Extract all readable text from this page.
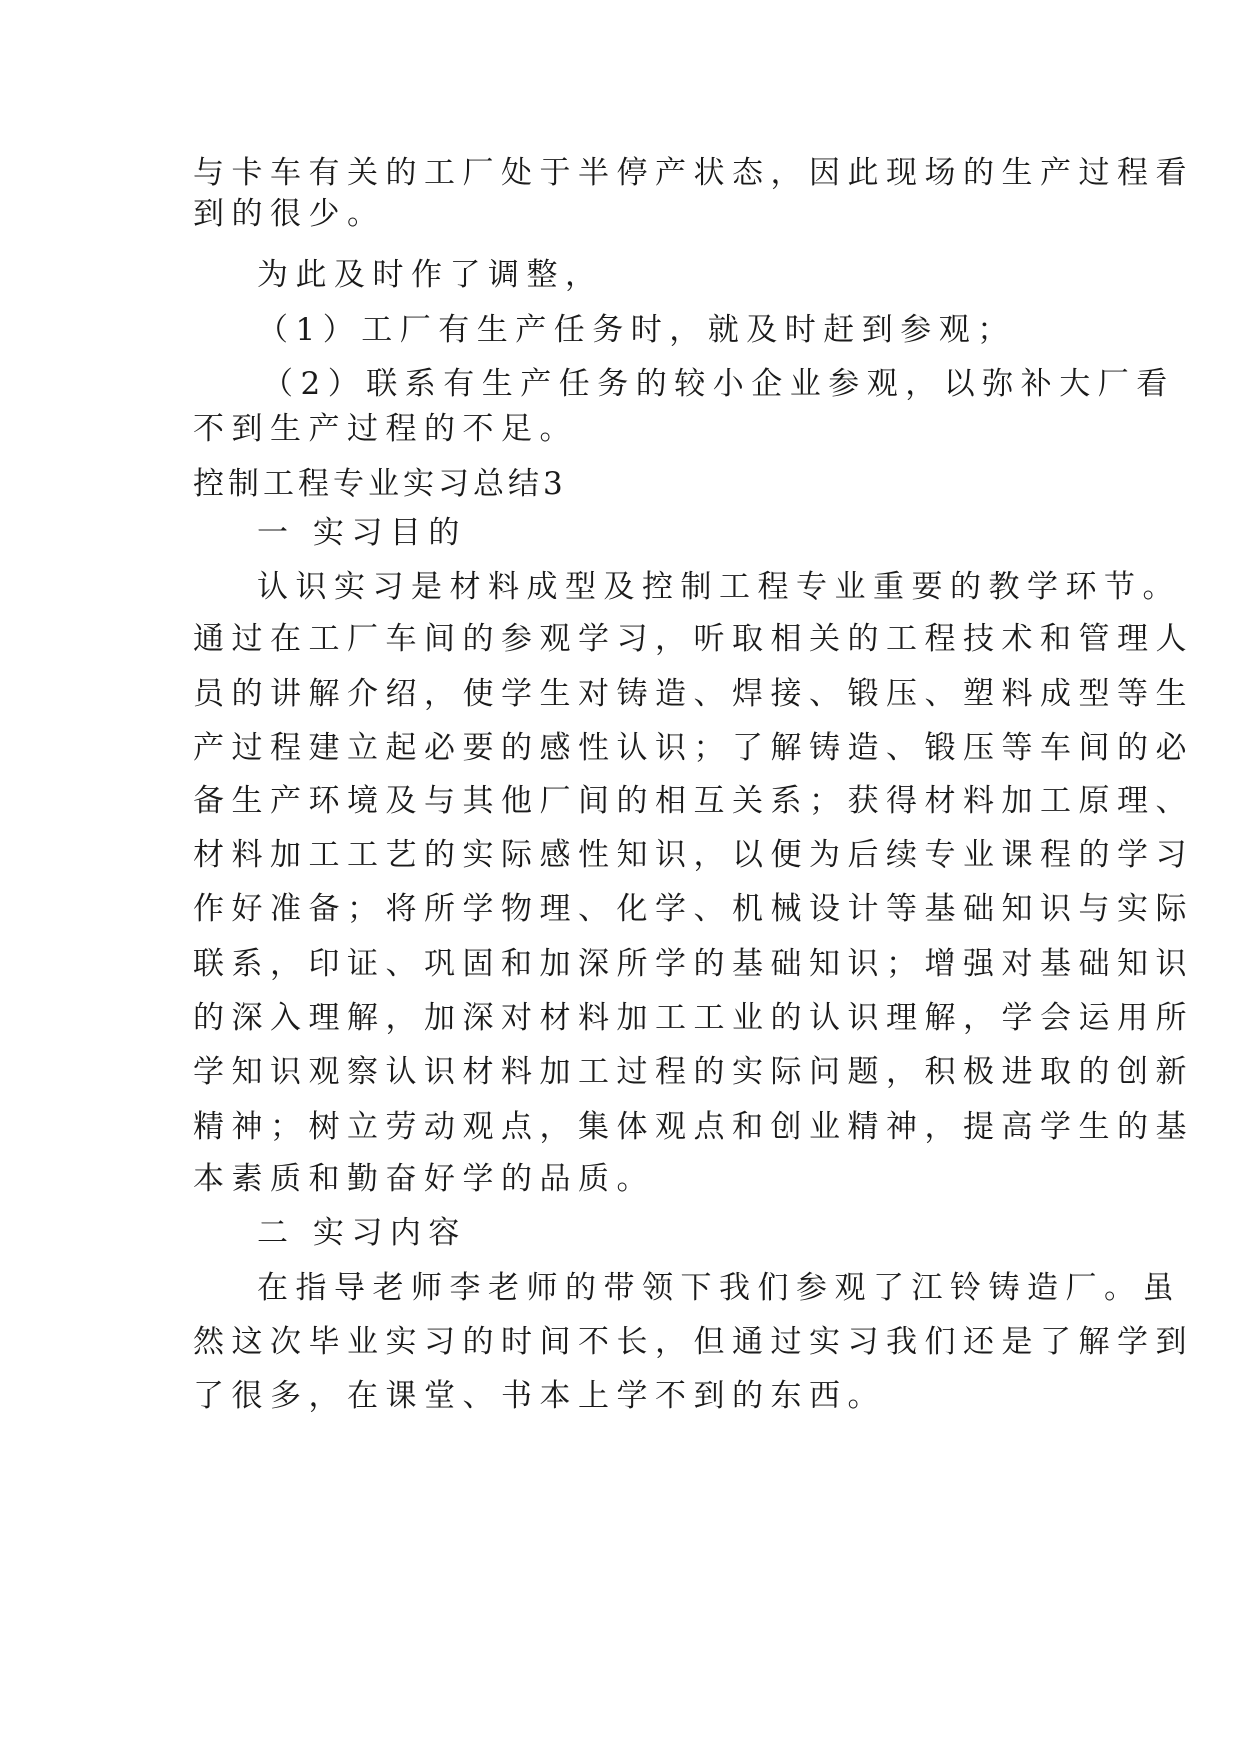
与卡车有关的工厂处于半停产状态，因此现场的生产过程看
到的很少。
为此及时作了调整，
（1）工厂有生产任务时，就及时赶到参观；
（2）联系有生产任务的较小企业参观，以弥补大厂看
不到生产过程的不足。
控制工程专业实习总结3
一 实习目的
认识实习是材料成型及控制工程专业重要的教学环节。
通过在工厂车间的参观学习，听取相关的工程技术和管理人
员的讲解介绍，使学生对铸造、焊接、锻压、塑料成型等生
产过程建立起必要的感性认识；了解铸造、锻压等车间的必
备生产环境及与其他厂间的相互关系；获得材料加工原理、
材料加工工艺的实际感性知识，以便为后续专业课程的学习
作好准备；将所学物理、化学、机械设计等基础知识与实际
联系，印证、巩固和加深所学的基础知识；增强对基础知识
的深入理解，加深对材料加工工业的认识理解，学会运用所
学知识观察认识材料加工过程的实际问题，积极进取的创新
精神；树立劳动观点，集体观点和创业精神，提高学生的基
本素质和勤奋好学的品质。
二 实习内容
在指导老师李老师的带领下我们参观了江铃铸造厂。虽
然这次毕业实习的时间不长，但通过实习我们还是了解学到
了很多，在课堂、书本上学不到的东西。
